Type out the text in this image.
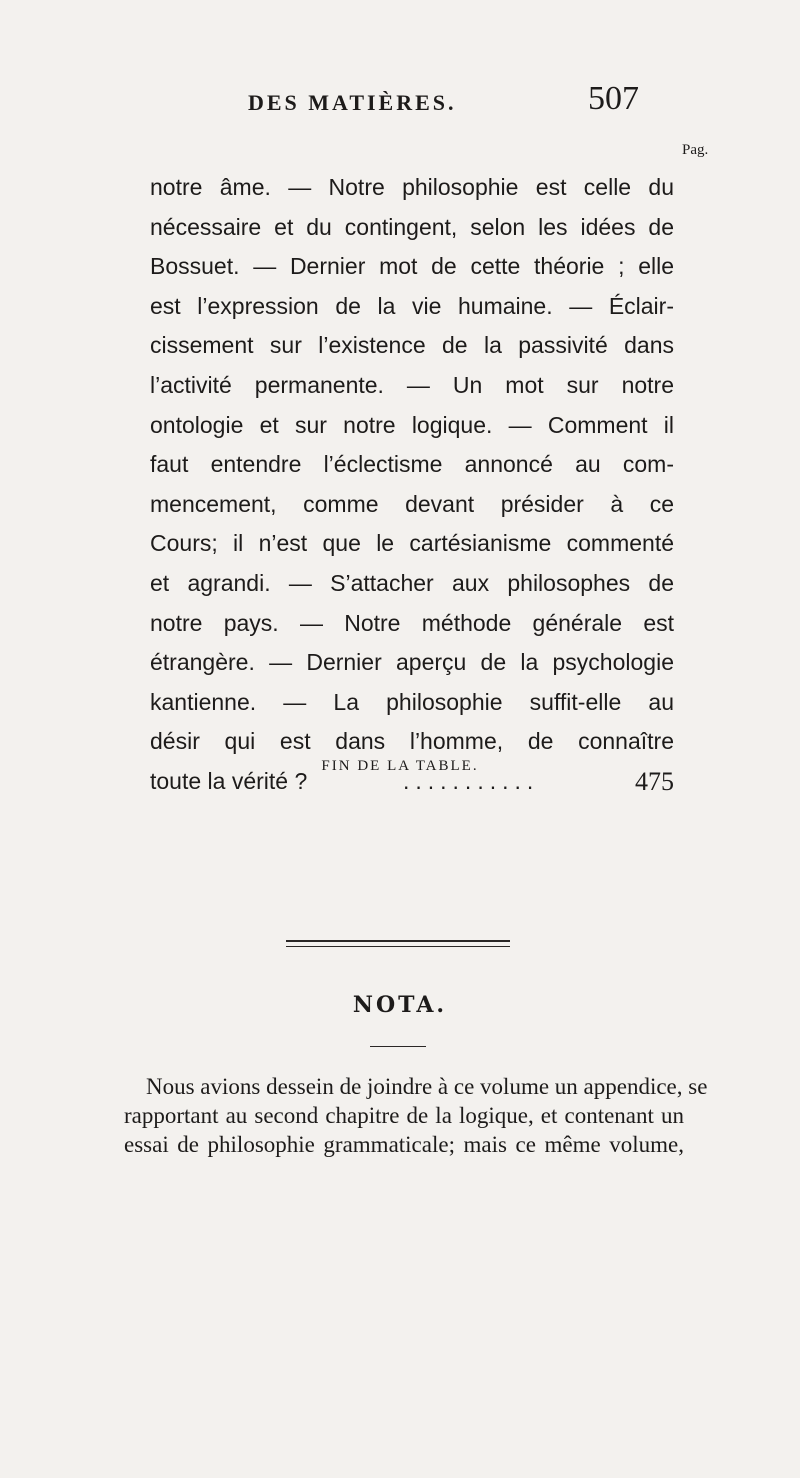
DES MATIÈRES.	507
Pag.
notre âme. — Notre philosophie est celle du
nécessaire et du contingent, selon les idées de
Bossuet. — Dernier mot de cette théorie ; elle
est l’expression de la vie humaine. — Éclair-
cissement sur l’existence de la passivité dans
l’activité permanente. — Un mot sur notre
ontologie et sur notre logique. — Comment il
faut entendre l’éclectisme annoncé au com-
mencement, comme devant présider à ce
Cours; il n’est que le cartésianisme commenté
et agrandi. — S’attacher aux philosophes de
notre pays. — Notre méthode générale est
étrangère. — Dernier aperçu de la psychologie
kantienne. — La philosophie suffit-elle au
désir qui est dans l’homme, de connaître
toute la vérité ?	...........	475
FIN DE LA TABLE.
NOTA.
Nous avions dessein de joindre à ce volume un appendice, se
rapportant au second chapitre de la logique, et contenant un
essai de philosophie grammaticale; mais ce même volume,
